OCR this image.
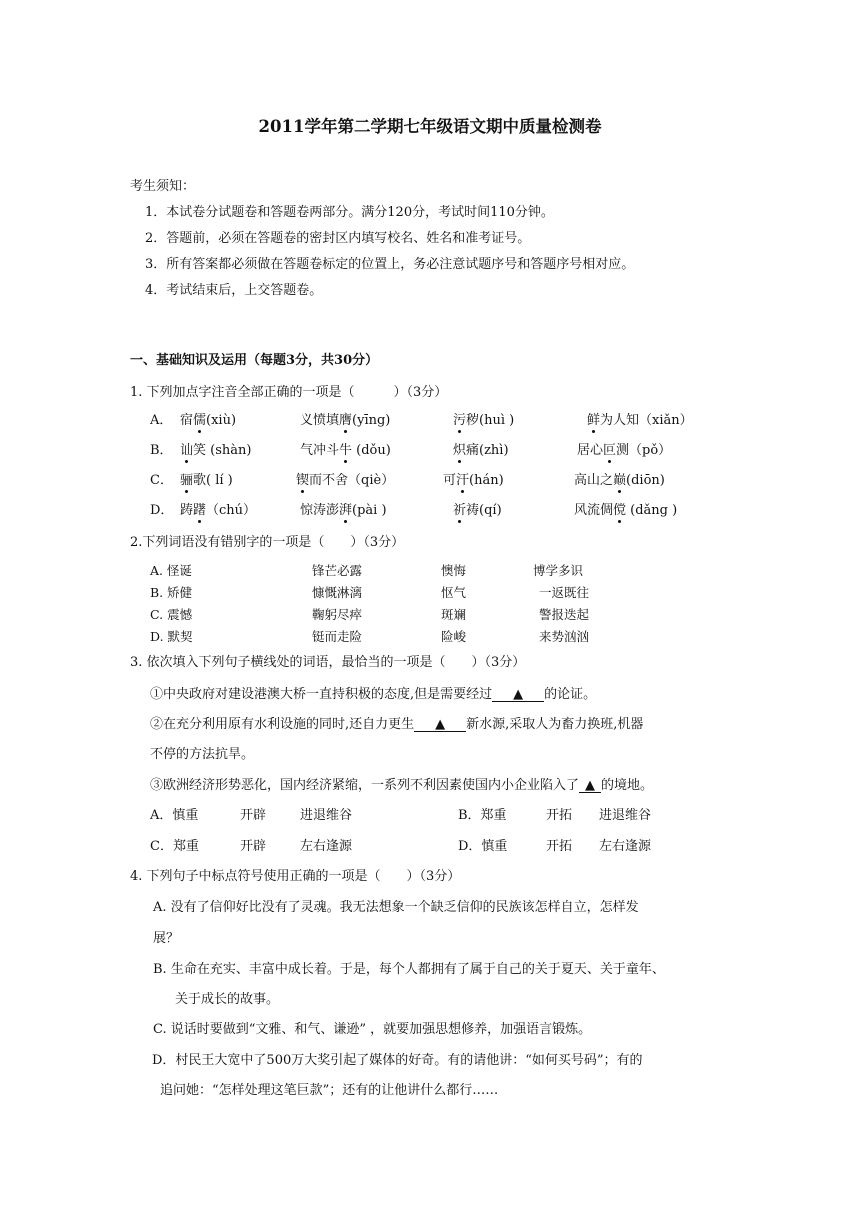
2011学年第二学期七年级语文期中质量检测卷
考生须知：
1．本试卷分试题卷和答题卷两部分。满分120分，考试时间110分钟。
2．答题前，必须在答题卷的密封区内填写校名、姓名和准考证号。
3．所有答案都必须做在答题卷标定的位置上，务必注意试题序号和答题序号相对应。
4．考试结束后，上交答题卷。
一、基础知识及运用（每题3分，共30分）
1. 下列加点字注音全部正确的一项是（　　　）（3分）
A． 宿儒(xiù)	义愤填膺(yīng)	污秽(huì )	鲜为人知（xiǎn）
B． 讪笑 (shàn)	气冲斗牛 (dǒu)	炽痛(zhì)	居心叵测（pǒ）
C． 骊歌( lí )	锲而不舍（qiè）	可汗(hán)	高山之巅(diōn)
D． 踌躇（chú）	惊涛澎湃(pài )	祈祷(qí)	风流倜傥 (dǎng )
2.下列词语没有错别字的一项是（　　）（3分）
A. 怪诞	锋芒必露	懊悔	博学多识
B. 矫健	慷慨淋漓	怄气	一返既往
C. 震憾	鞠躬尽瘁	斑斓	警报迭起
D. 默契	铤而走险	险峻	来势汹汹
3. 依次填入下列句子横线处的词语，最恰当的一项是（　　）（3分）
①中央政府对建设港澳大桥一直持积极的态度,但是需要经过 ▲ 的论证。
②在充分利用原有水利设施的同时,还自力更生 ▲ 新水源,采取人为畜力换班,机器
不停的方法抗旱。
③欧洲经济形势恶化，国内经济紧缩，一系列不利因素使国内小企业陷入了 ▲ 的境地。
A．慎重	开辟	进退维谷	B．郑重	开拓 进退维谷
C．郑重	开辟	左右逢源	D．慎重	开拓 左右逢源
4. 下列句子中标点符号使用正确的一项是（　　）（3分）
A. 没有了信仰好比没有了灵魂。我无法想象一个缺乏信仰的民族该怎样自立，怎样发
展？
B. 生命在充实、丰富中成长着。于是，每个人都拥有了属于自己的关于夏天、关于童年、
关于成长的故事。
C. 说话时要做到“文雅、和气、谦逊” ，就要加强思想修养，加强语言锻炼。
D．村民王大宽中了500万大奖引起了媒体的好奇。有的请他讲：“如何买号码”；有的
追问她：“怎样处理这笔巨款”；还有的让他讲什么都行……
